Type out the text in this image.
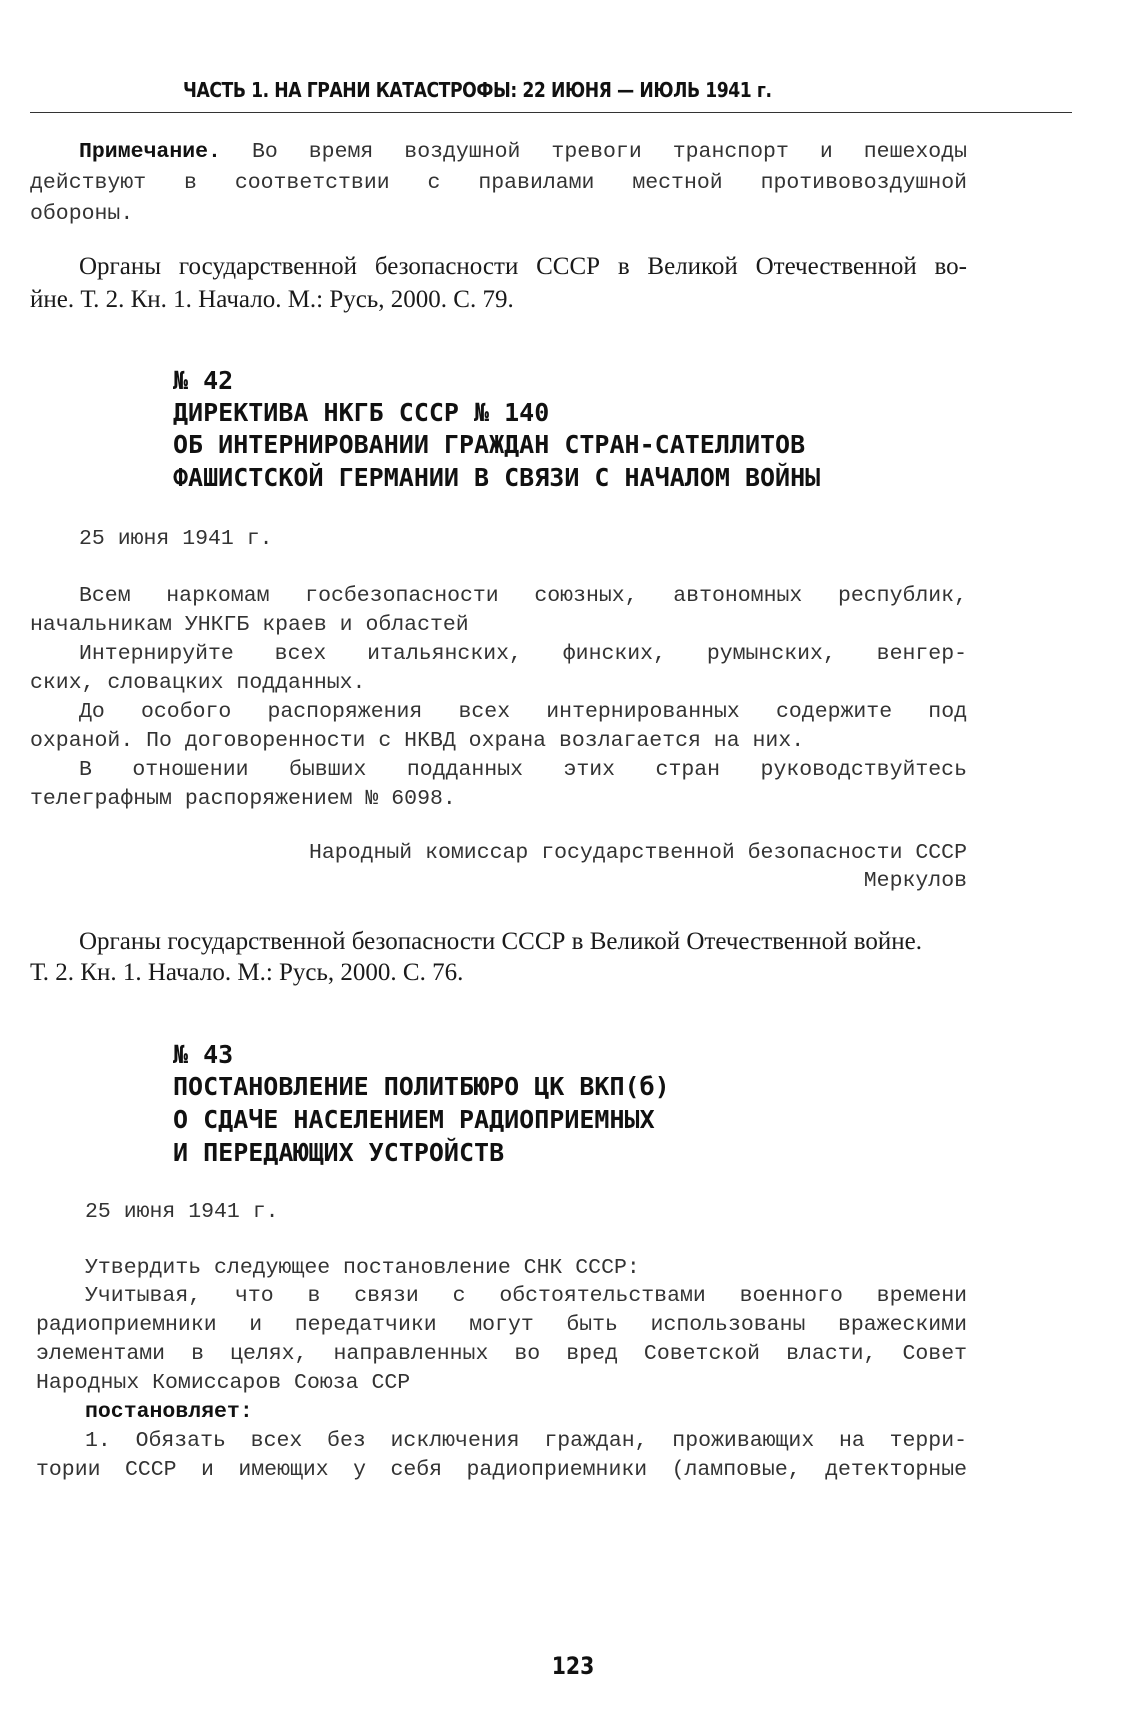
ЧАСТЬ 1. НА ГРАНИ КАТАСТРОФЫ: 22 ИЮНЯ — ИЮЛЬ 1941 г.
Примечание. Во время воздушной тревоги транспорт и пешеходы
действуют в соответствии с правилами местной противовоздушной
обороны.
Органы государственной безопасности СССР в Великой Отечественной во-
йне. Т. 2. Кн. 1. Начало. М.: Русь, 2000. С. 79.
№ 42
ДИРЕКТИВА НКГБ СССР № 140
ОБ ИНТЕРНИРОВАНИИ ГРАЖДАН СТРАН-САТЕЛЛИТОВ
ФАШИСТСКОЙ ГЕРМАНИИ В СВЯЗИ С НАЧАЛОМ ВОЙНЫ
25 июня 1941 г.
Всем наркомам госбезопасности союзных, автономных республик,
начальникам УНКГБ краев и областей
Интернируйте всех итальянских, финских, румынских, венгер-
ских, словацких подданных.
До особого распоряжения всех интернированных содержите под
охраной. По договоренности с НКВД охрана возлагается на них.
В отношении бывших подданных этих стран руководствуйтесь
телеграфным распоряжением № 6098.
Народный комиссар государственной безопасности СССР
Меркулов
Органы государственной безопасности СССР в Великой Отечественной войне.
Т. 2. Кн. 1. Начало. М.: Русь, 2000. С. 76.
№ 43
ПОСТАНОВЛЕНИЕ ПОЛИТБЮРО ЦК ВКП(б)
О СДАЧЕ НАСЕЛЕНИЕМ РАДИОПРИЕМНЫХ
И ПЕРЕДАЮЩИХ УСТРОЙСТВ
25 июня 1941 г.
Утвердить следующее постановление СНК СССР:
Учитывая, что в связи с обстоятельствами военного времени
радиоприемники и передатчики могут быть использованы вражескими
элементами в целях, направленных во вред Советской власти, Совет
Народных Комиссаров Союза ССР
постановляет:
1. Обязать всех без исключения граждан, проживающих на терри-
тории СССР и имеющих у себя радиоприемники (ламповые, детекторные
123
